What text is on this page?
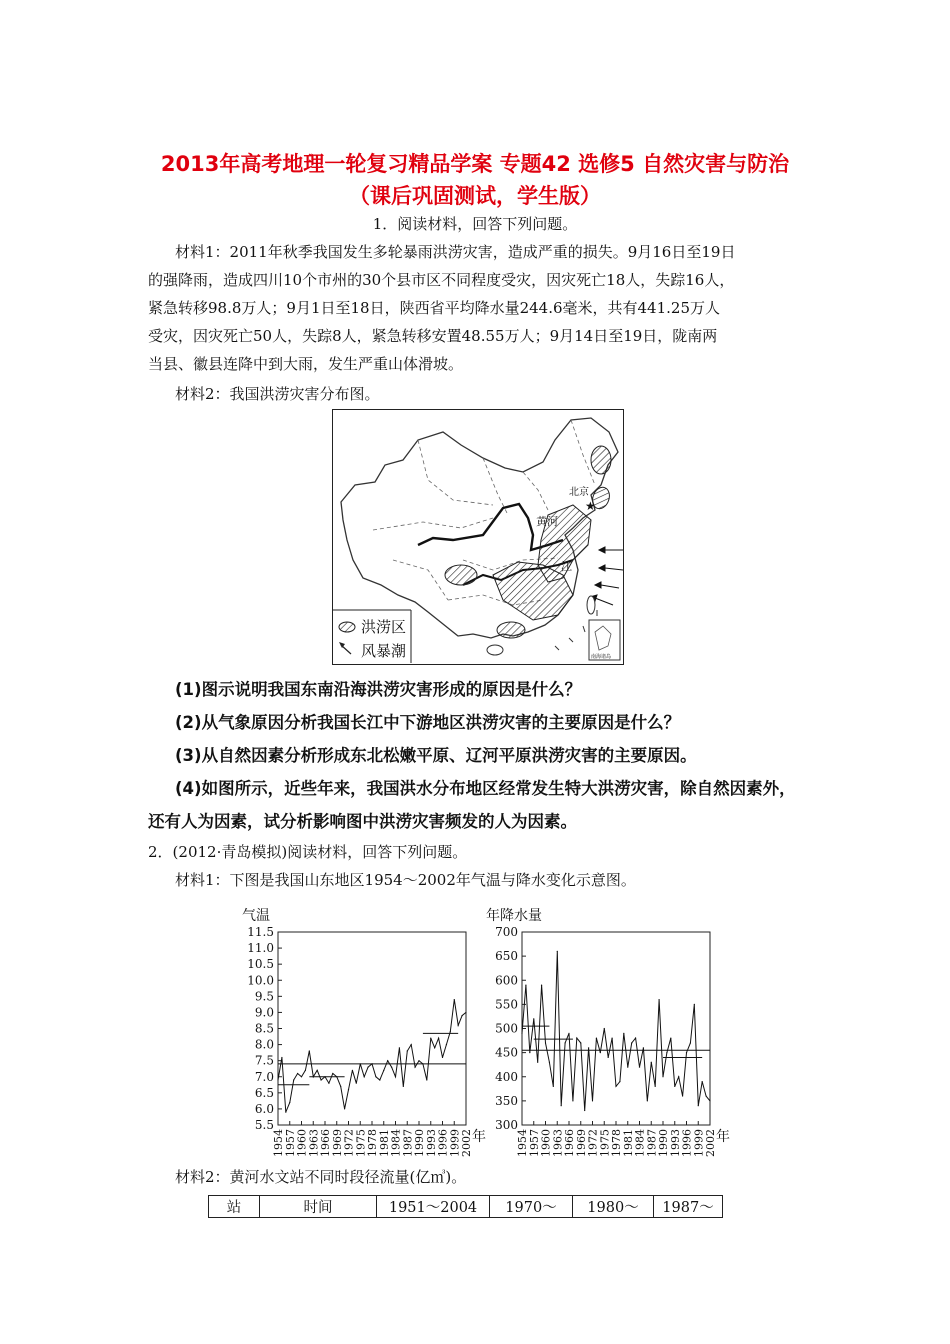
2013年高考地理一轮复习精品学案 专题42 选修5 自然灾害与防治
（课后巩固测试，学生版）
1．阅读材料，回答下列问题。
材料1：2011年秋季我国发生多轮暴雨洪涝灾害，造成严重的损失。9月16日至19日
的强降雨，造成四川10个市州的30个县市区不同程度受灾，因灾死亡18人，失踪16人，
紧急转移98.8万人；9月1日至18日，陕西省平均降水量244.6毫米，共有441.25万人
受灾，因灾死亡50人，失踪8人，紧急转移安置48.55万人；9月14日至19日，陇南两
当县、徽县连降中到大雨，发生严重山体滑坡。
材料2：我国洪涝灾害分布图。
北京
★
黄河
江
南海诸岛
洪涝区
风暴潮
(1)图示说明我国东南沿海洪涝灾害形成的原因是什么？
(2)从气象原因分析我国长江中下游地区洪涝灾害的主要原因是什么？
(3)从自然因素分析形成东北松嫩平原、辽河平原洪涝灾害的主要原因。
(4)如图所示，近些年来，我国洪水分布地区经常发生特大洪涝灾害，除自然因素外，
还有人为因素，试分析影响图中洪涝灾害频发的人为因素。
2．(2012·青岛模拟)阅读材料，回答下列问题。
材料1：下图是我国山东地区1954～2002年气温与降水变化示意图。
气温
11.5
11.0
10.5
10.0
9.5
9.0
8.5
8.0
7.5
7.0
6.5
6.0
5.5
1954
1957
1960
1963
1966
1969
1972
1975
1978
1981
1984
1987
1990
1993
1996
1999
2002 年
年降水量
700
650
600
550
500
450
400
350
300
1954
1957
1960
1963
1966
1969
1972
1975
1978
1981
1984
1987
1990
1993
1996
1999
2002 年
材料2：黄河水文站不同时段径流量(亿㎥)。
站	时间	1951～2004	1970～	1980～	1987～
